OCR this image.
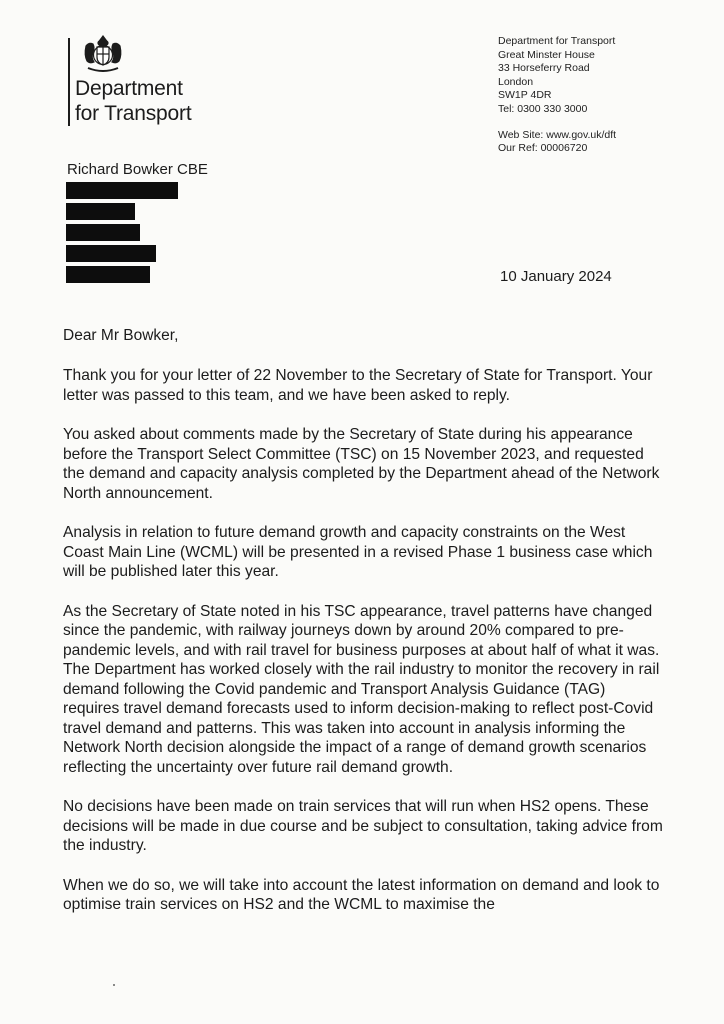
Department
for Transport
Department for Transport
Great Minster House
33 Horseferry Road
London
SW1P 4DR
Tel: 0300 330 3000
Web Site: www.gov.uk/dft
Our Ref: 00006720
Richard Bowker CBE
10 January 2024
Dear Mr Bowker,

Thank you for your letter of 22 November to the Secretary of State for Transport. Your letter was passed to this team, and we have been asked to reply.

You asked about comments made by the Secretary of State during his appearance before the Transport Select Committee (TSC) on 15 November 2023, and requested the demand and capacity analysis completed by the Department ahead of the Network North announcement.

Analysis in relation to future demand growth and capacity constraints on the West Coast Main Line (WCML) will be presented in a revised Phase 1 business case which will be published later this year.

As the Secretary of State noted in his TSC appearance, travel patterns have changed since the pandemic, with railway journeys down by around 20% compared to pre-pandemic levels, and with rail travel for business purposes at about half of what it was. The Department has worked closely with the rail industry to monitor the recovery in rail demand following the Covid pandemic and Transport Analysis Guidance (TAG) requires travel demand forecasts used to inform decision-making to reflect post-Covid travel demand and patterns. This was taken into account in analysis informing the Network North decision alongside the impact of a range of demand growth scenarios reflecting the uncertainty over future rail demand growth.

No decisions have been made on train services that will run when HS2 opens. These decisions will be made in due course and be subject to consultation, taking advice from the industry.

When we do so, we will take into account the latest information on demand and look to optimise train services on HS2 and the WCML to maximise the
